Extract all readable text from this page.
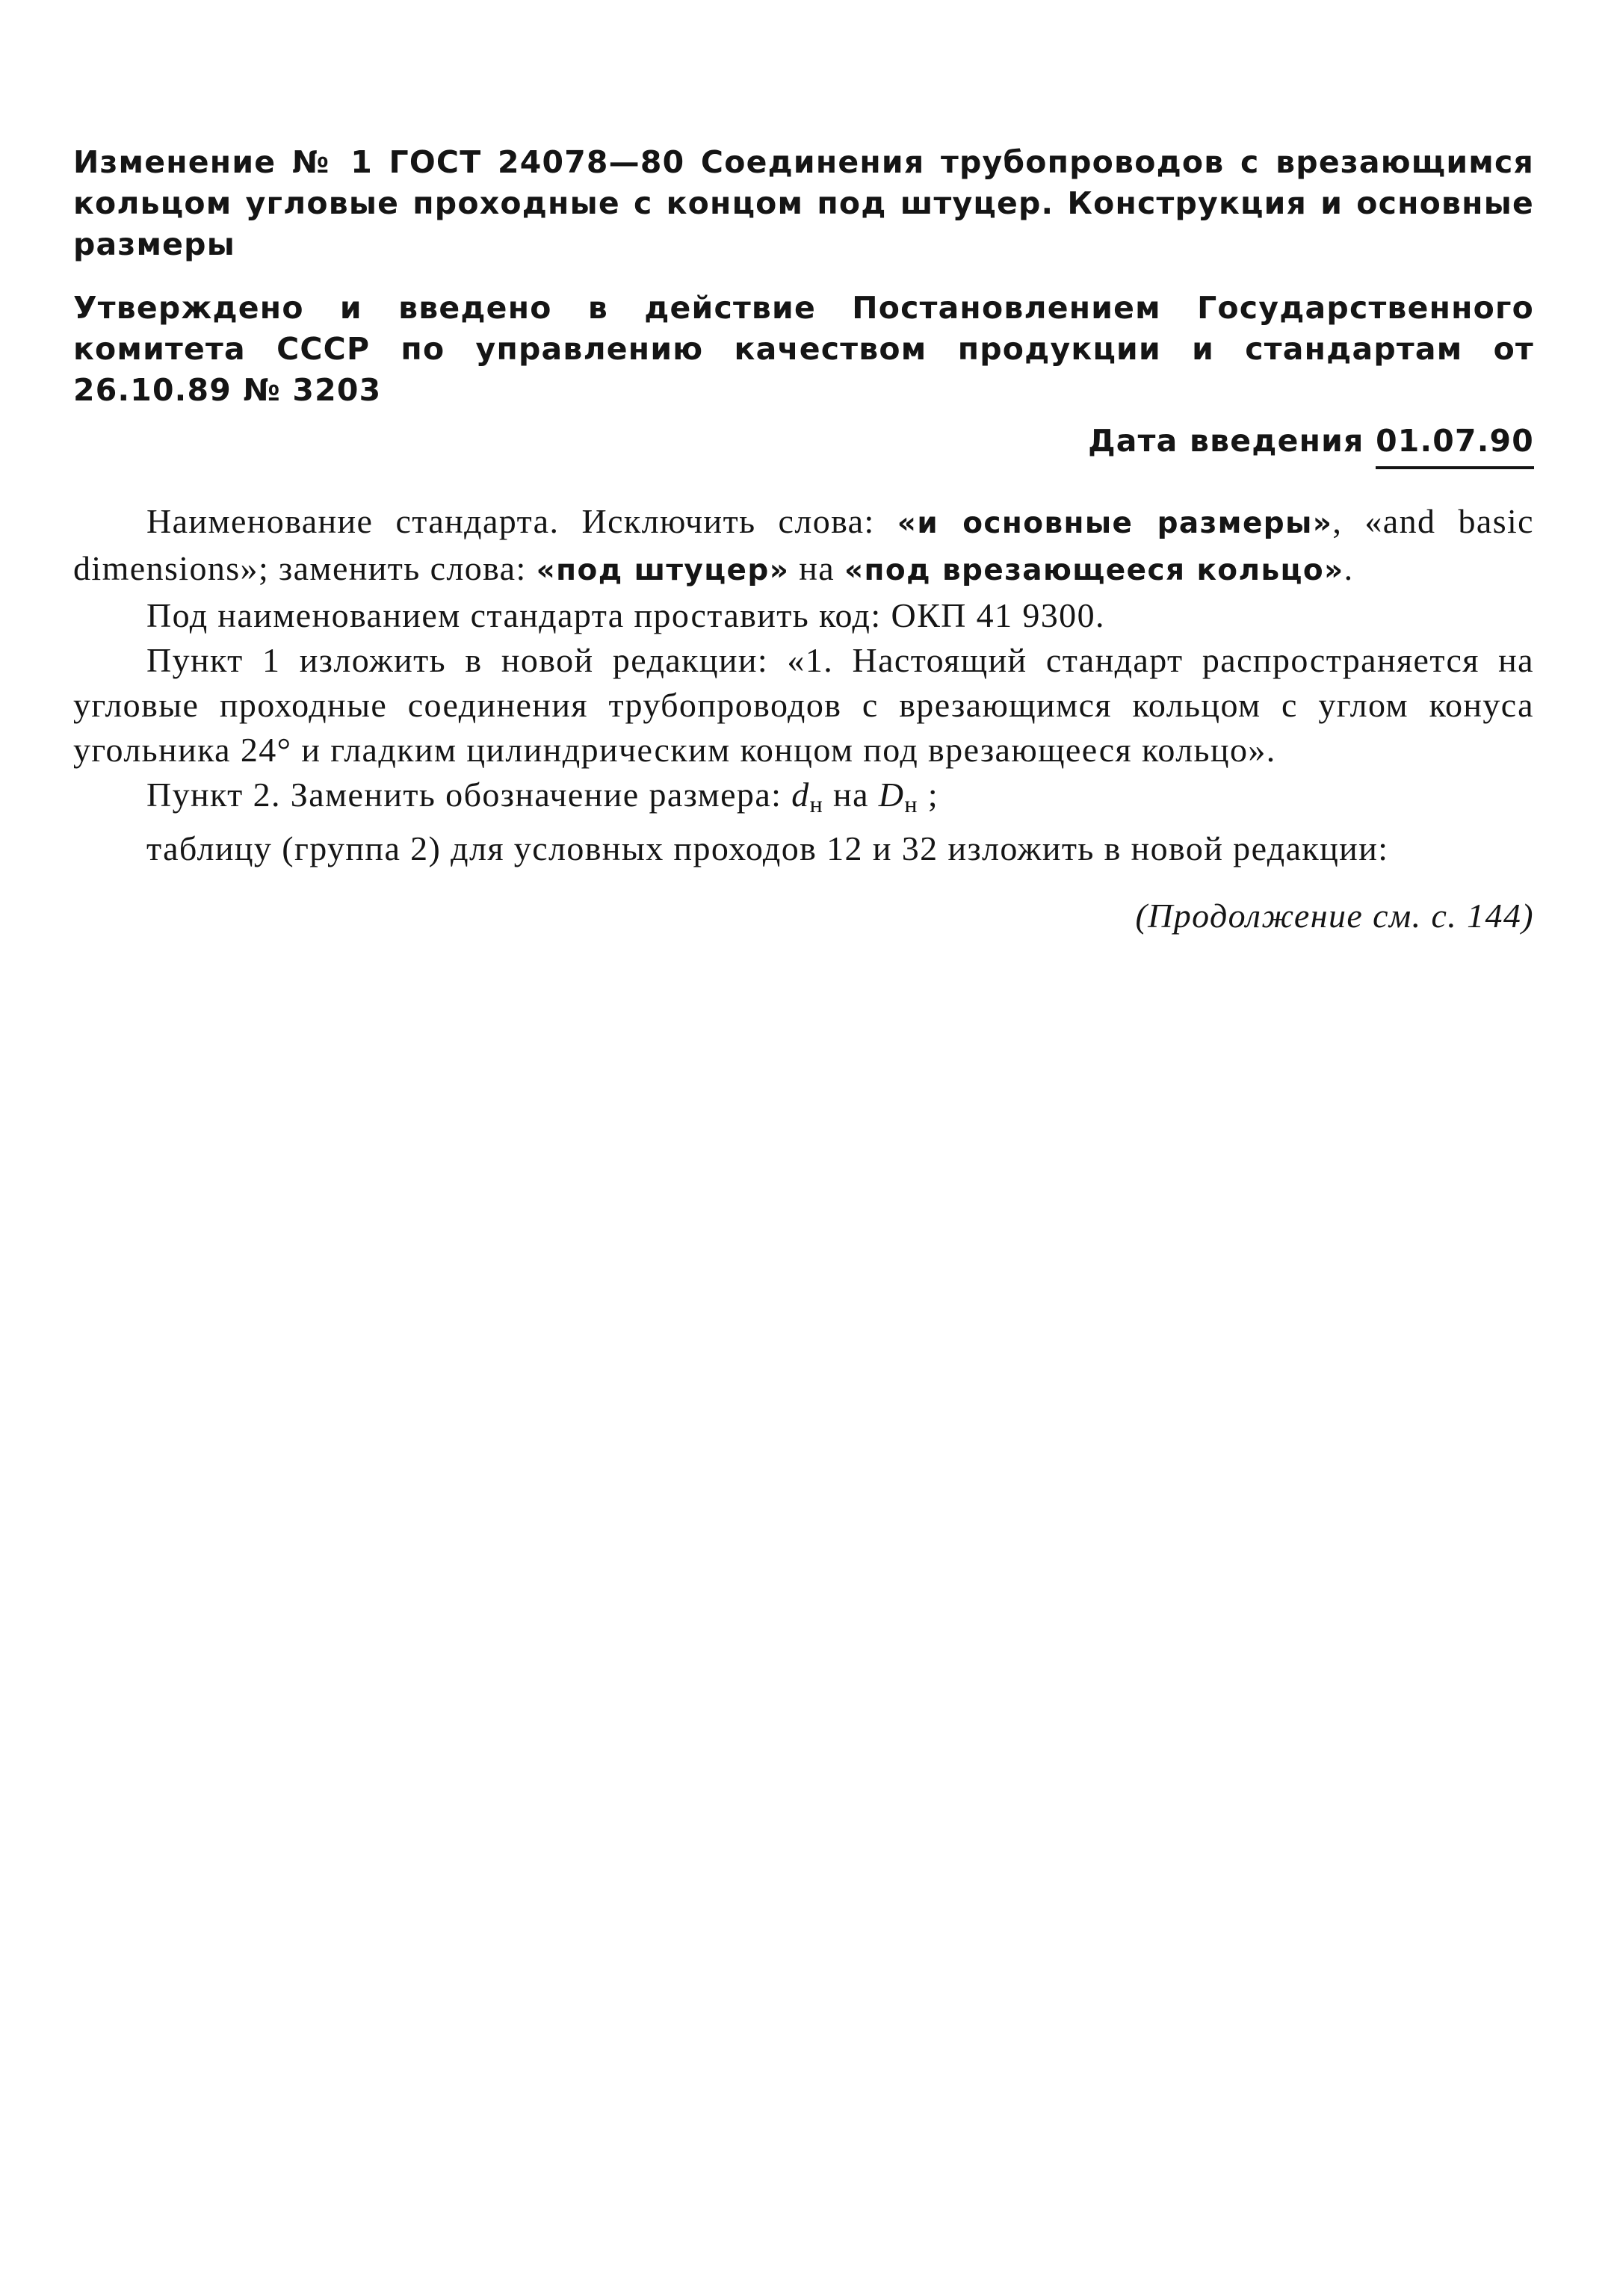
Изменение № 1 ГОСТ 24078—80 Соединения трубопроводов с врезающимся кольцом угловые проходные с концом под штуцер. Конструкция и основные размеры

Утверждено и введено в действие Постановлением Государственного комитета СССР по управлению качеством продукции и стандартам от 26.10.89 № 3203

Дата введения 01.07.90

Наименование стандарта. Исключить слова: «и основные размеры», «and basic dimensions»; заменить слова: «под штуцер» на «под врезающееся кольцо».

Под наименованием стандарта проставить код: ОКП 41 9300.

Пункт 1 изложить в новой редакции: «1. Настоящий стандарт распространяется на угловые проходные соединения трубопроводов с врезающимся кольцом с углом конуса угольника 24° и гладким цилиндрическим концом под врезающееся кольцо».

Пункт 2. Заменить обозначение размера: $d_н$ на $D_н$ ;

таблицу (группа 2) для условных проходов 12 и 32 изложить в новой редакции:

(Продолжение см. с. 144)
